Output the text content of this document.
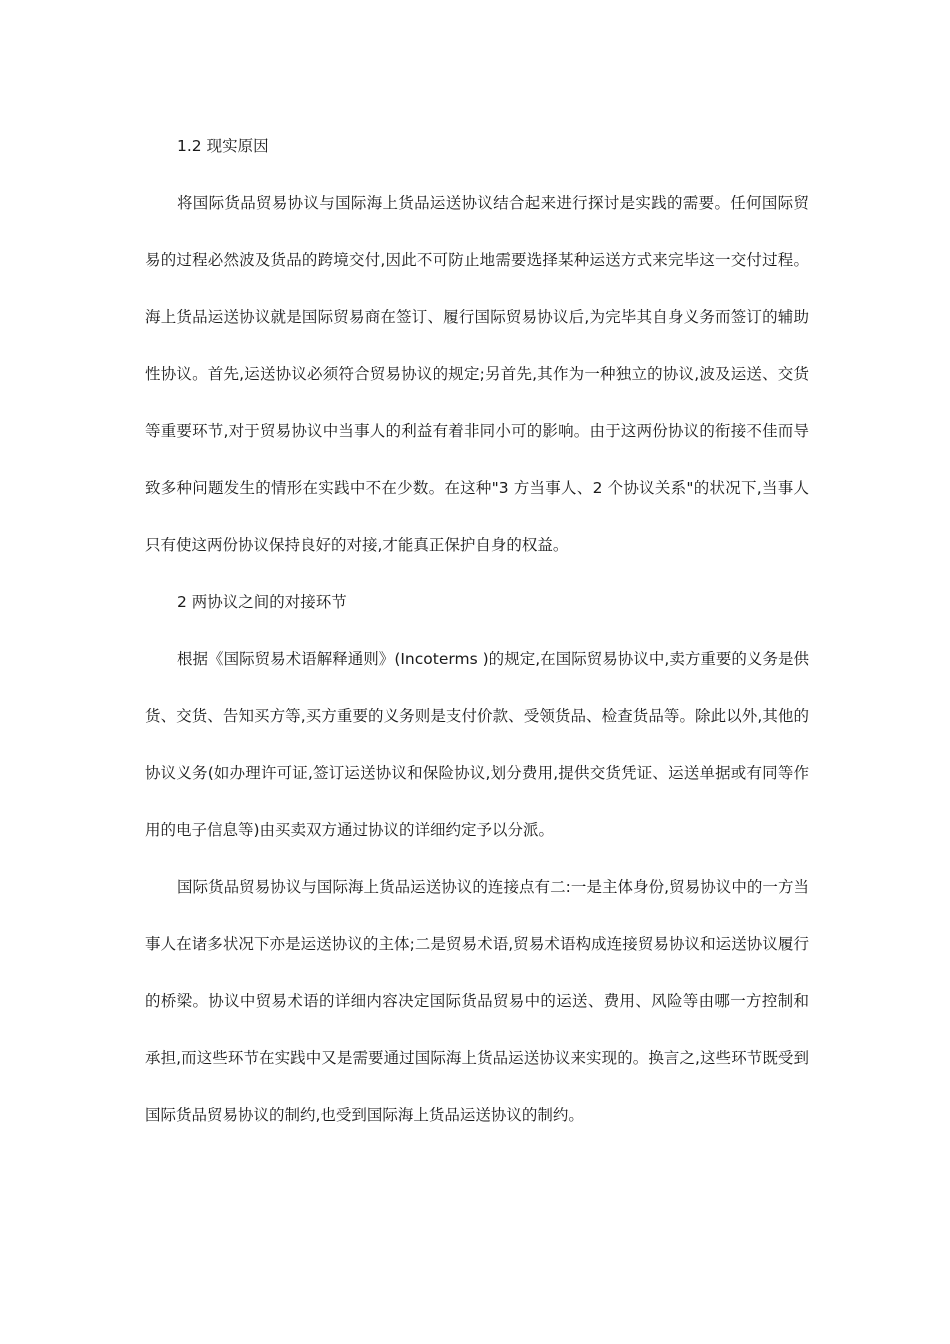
1.2 现实原因

将国际货品贸易协议与国际海上货品运送协议结合起来进行探讨是实践的需要。任何国际贸易的过程必然波及货品的跨境交付,因此不可防止地需要选择某种运送方式来完毕这一交付过程。海上货品运送协议就是国际贸易商在签订、履行国际贸易协议后,为完毕其自身义务而签订的辅助性协议。首先,运送协议必须符合贸易协议的规定;另首先,其作为一种独立的协议,波及运送、交货等重要环节,对于贸易协议中当事人的利益有着非同小可的影响。由于这两份协议的衔接不佳而导致多种问题发生的情形在实践中不在少数。在这种"3 方当事人、2 个协议关系"的状况下,当事人只有使这两份协议保持良好的对接,才能真正保护自身的权益。

2 两协议之间的对接环节

根据《国际贸易术语解释通则》(Incoterms )的规定,在国际贸易协议中,卖方重要的义务是供货、交货、告知买方等,买方重要的义务则是支付价款、受领货品、检查货品等。除此以外,其他的协议义务(如办理许可证,签订运送协议和保险协议,划分费用,提供交货凭证、运送单据或有同等作用的电子信息等)由买卖双方通过协议的详细约定予以分派。

国际货品贸易协议与国际海上货品运送协议的连接点有二:一是主体身份,贸易协议中的一方当事人在诸多状况下亦是运送协议的主体;二是贸易术语,贸易术语构成连接贸易协议和运送协议履行的桥梁。协议中贸易术语的详细内容决定国际货品贸易中的运送、费用、风险等由哪一方控制和承担,而这些环节在实践中又是需要通过国际海上货品运送协议来实现的。换言之,这些环节既受到国际货品贸易协议的制约,也受到国际海上货品运送协议的制约。
